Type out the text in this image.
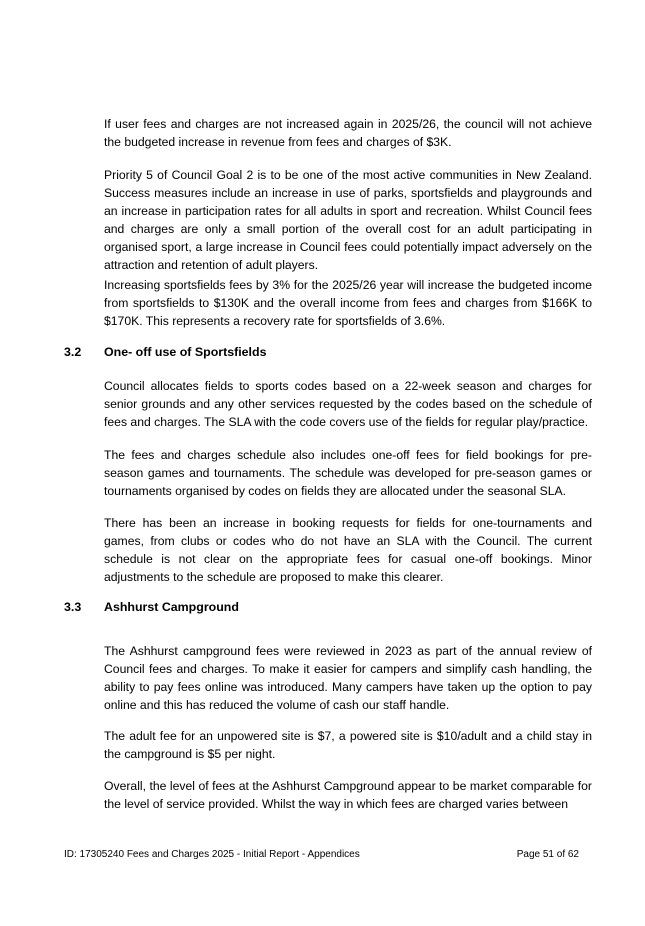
If user fees and charges are not increased again in 2025/26, the council will not achieve the budgeted increase in revenue from fees and charges of $3K.

Priority 5 of Council Goal 2 is to be one of the most active communities in New Zealand. Success measures include an increase in use of parks, sportsfields and playgrounds and an increase in participation rates for all adults in sport and recreation. Whilst Council fees and charges are only a small portion of the overall cost for an adult participating in organised sport, a large increase in Council fees could potentially impact adversely on the attraction and retention of adult players.

Increasing sportsfields fees by 3% for the 2025/26 year will increase the budgeted income from sportsfields to $130K and the overall income from fees and charges from $166K to $170K. This represents a recovery rate for sportsfields of 3.6%.

3.2	One- off use of Sportsfields

Council allocates fields to sports codes based on a 22-week season and charges for senior grounds and any other services requested by the codes based on the schedule of fees and charges. The SLA with the code covers use of the fields for regular play/practice.

The fees and charges schedule also includes one-off fees for field bookings for pre-season games and tournaments. The schedule was developed for pre-season games or tournaments organised by codes on fields they are allocated under the seasonal SLA.

There has been an increase in booking requests for fields for one-tournaments and games, from clubs or codes who do not have an SLA with the Council. The current schedule is not clear on the appropriate fees for casual one-off bookings. Minor adjustments to the schedule are proposed to make this clearer.

3.3	Ashhurst Campground

The Ashhurst campground fees were reviewed in 2023 as part of the annual review of Council fees and charges. To make it easier for campers and simplify cash handling, the ability to pay fees online was introduced. Many campers have taken up the option to pay online and this has reduced the volume of cash our staff handle.

The adult fee for an unpowered site is $7, a powered site is $10/adult and a child stay in the campground is $5 per night.

Overall, the level of fees at the Ashhurst Campground appear to be market comparable for the level of service provided. Whilst the way in which fees are charged varies between

ID: 17305240 Fees and Charges 2025 - Initial Report - Appendices	Page 51 of 62
